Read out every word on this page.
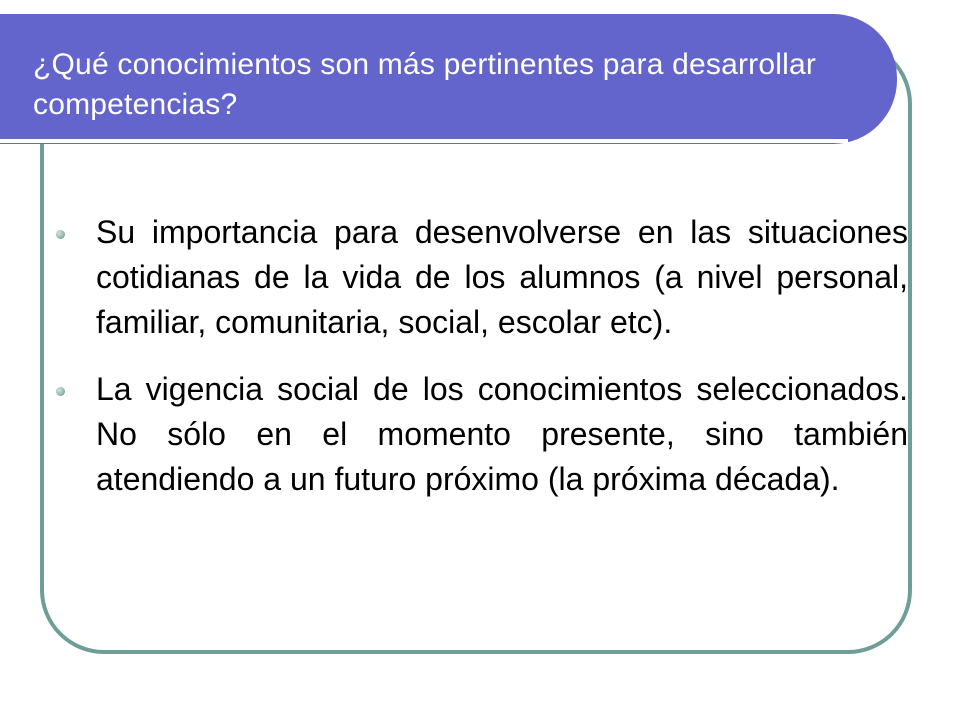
¿Qué conocimientos son más pertinentes para desarrollar competencias?
Su importancia para desenvolverse en las situaciones cotidianas de la vida de los alumnos (a nivel personal, familiar, comunitaria, social, escolar etc).
La vigencia social de los conocimientos seleccionados. No sólo en el momento presente, sino también atendiendo a un futuro próximo (la próxima década).
